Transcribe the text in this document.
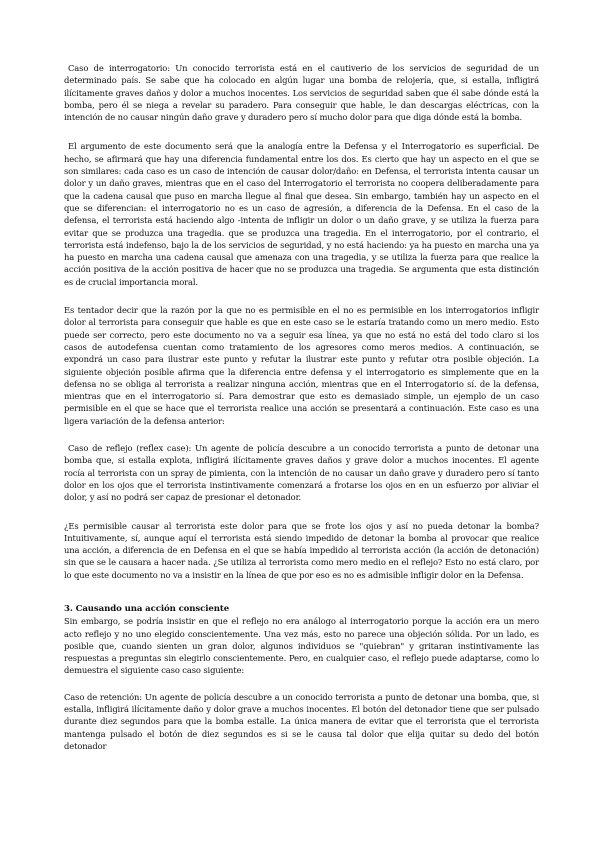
Caso de interrogatorio: Un conocido terrorista está en el cautiverio de los servicios de seguridad de un determinado país. Se sabe que ha colocado en algún lugar una bomba de relojería, que, si estalla, infligirá ilícitamente graves daños y dolor a muchos inocentes. Los servicios de seguridad saben que él sabe dónde está la bomba, pero él se niega a revelar su paradero. Para conseguir que hable, le dan descargas eléctricas, con la intención de no causar ningún daño grave y duradero pero sí mucho dolor para que diga dónde está la bomba.

El argumento de este documento será que la analogía entre la Defensa y el Interrogatorio es superficial. De hecho, se afirmará que hay una diferencia fundamental entre los dos. Es cierto que hay un aspecto en el que se son similares: cada caso es un caso de intención de causar dolor/daño: en Defensa, el terrorista intenta causar un dolor y un daño graves, mientras que en el caso del Interrogatorio el terrorista no coopera deliberadamente para que la cadena causal que puso en marcha llegue al final que desea. Sin embargo, también hay un aspecto en el que se diferencian: el interrogatorio no es un caso de agresión, a diferencia de la Defensa. En el caso de la defensa, el terrorista está haciendo algo -intenta de infligir un dolor o un daño grave, y se utiliza la fuerza para evitar que se produzca una tragedia. que se produzca una tragedia. En el interrogatorio, por el contrario, el terrorista está indefenso, bajo la de los servicios de seguridad, y no está haciendo: ya ha puesto en marcha una ya ha puesto en marcha una cadena causal que amenaza con una tragedia, y se utiliza la fuerza para que realice la acción positiva de la acción positiva de hacer que no se produzca una tragedia. Se argumenta que esta distinción es de crucial importancia moral.

Es tentador decir que la razón por la que no es permisible en el no es permisible en los interrogatorios infligir dolor al terrorista para conseguir que hable es que en este caso se le estaría tratando como un mero medio. Esto puede ser correcto, pero este documento no va a seguir esa línea, ya que no está no está del todo claro si los casos de autodefensa cuentan como tratamiento de los agresores como meros medios. A continuación, se expondrá un caso para ilustrar este punto y refutar la ilustrar este punto y refutar otra posible objeción. La siguiente objeción posible afirma que la diferencia entre defensa y el interrogatorio es simplemente que en la defensa no se obliga al terrorista a realizar ninguna acción, mientras que en el Interrogatorio sí. de la defensa, mientras que en el interrogatorio sí. Para demostrar que esto es demasiado simple, un ejemplo de un caso permisible en el que se hace que el terrorista realice una acción se presentará a continuación. Este caso es una ligera variación de la defensa anterior:

Caso de reflejo (reflex case): Un agente de policía descubre a un conocido terrorista a punto de detonar una bomba que, si estalla explota, infligirá ilícitamente graves daños y grave dolor a muchos inocentes. El agente rocía al terrorista con un spray de pimienta, con la intención de no causar un daño grave y duradero pero sí tanto dolor en los ojos que el terrorista instintivamente comenzará a frotarse los ojos en en un esfuerzo por aliviar el dolor, y así no podrá ser capaz de presionar el detonador.

¿Es permisible causar al terrorista este dolor para que se frote los ojos y así no pueda detonar la bomba? Intuitivamente, sí, aunque aquí el terrorista está siendo impedido de detonar la bomba al provocar que realice una acción, a diferencia de en Defensa en el que se había impedido al terrorista acción (la acción de detonación) sin que se le causara a hacer nada. ¿Se utiliza al terrorista como mero medio en el reflejo? Esto no está claro, por lo que este documento no va a insistir en la línea de que por eso es no es admisible infligir dolor en la Defensa.

3. Causando una acción consciente

Sin embargo, se podría insistir en que el reflejo no era análogo al interrogatorio porque la acción era un mero acto reflejo y no uno elegido conscientemente. Una vez más, esto no parece una objeción sólida. Por un lado, es posible que, cuando sienten un gran dolor, algunos individuos se "quiebran" y gritaran instintivamente las respuestas a preguntas sin elegirlo conscientemente. Pero, en cualquier caso, el reflejo puede adaptarse, como lo demuestra el siguiente caso caso siguiente:

Caso de retención: Un agente de policía descubre a un conocido terrorista a punto de detonar una bomba, que, si estalla, infligirá ilícitamente daño y dolor grave a muchos inocentes. El botón del detonador tiene que ser pulsado durante diez segundos para que la bomba estalle. La única manera de evitar que el terrorista que el terrorista mantenga pulsado el botón de diez segundos es si se le causa tal dolor que elija quitar su dedo del botón detonador
